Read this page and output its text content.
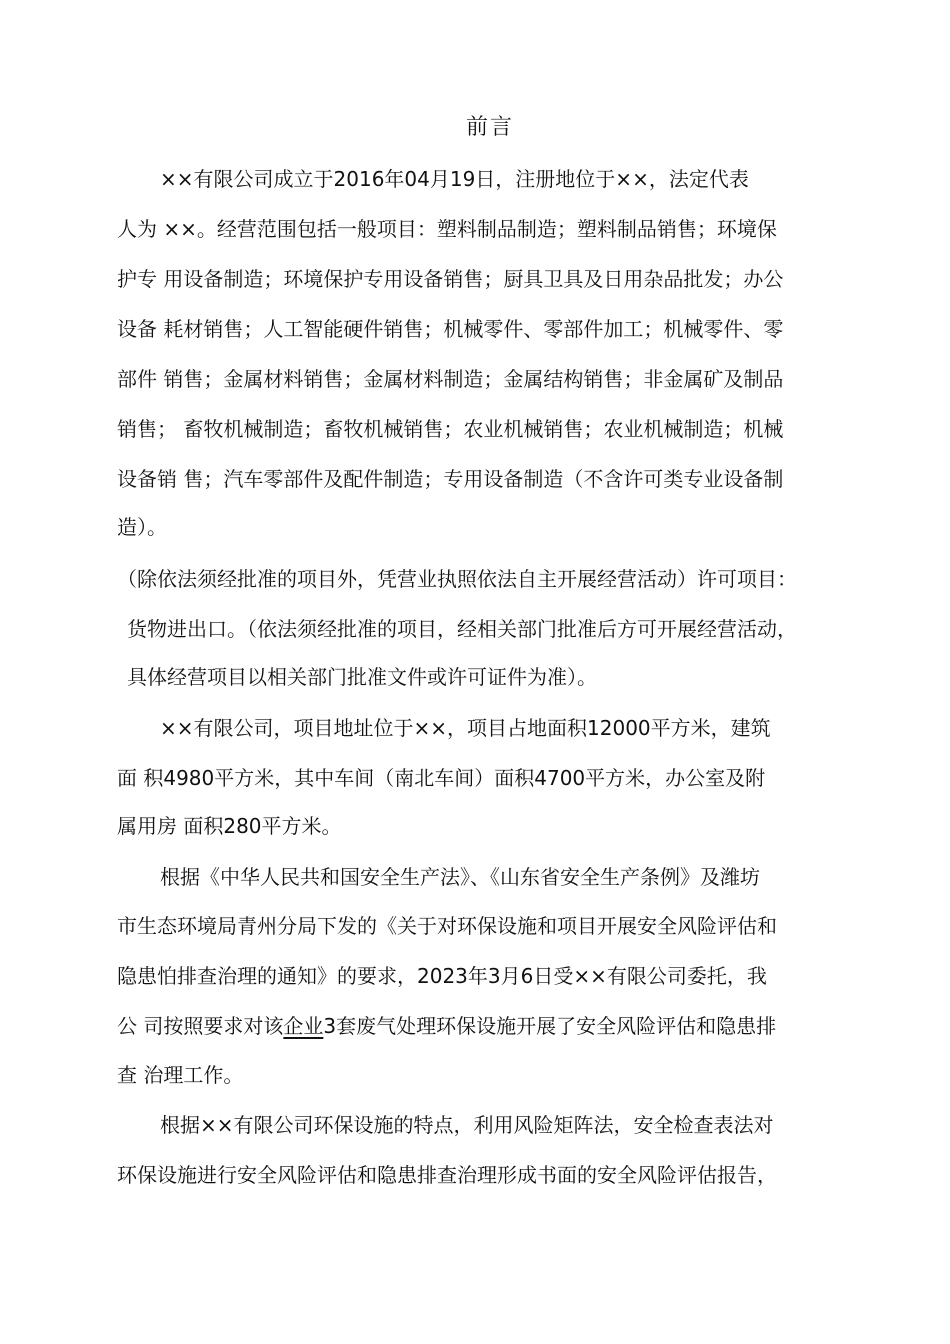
前言
××有限公司成立于2016年04月19日，注册地位于××，法定代表
人为 ××。经营范围包括一般项目：塑料制品制造；塑料制品销售；环境保
护专 用设备制造；环境保护专用设备销售；厨具卫具及日用杂品批发；办公
设备 耗材销售；人工智能硬件销售；机械零件、零部件加工；机械零件、零
部件 销售；金属材料销售；金属材料制造；金属结构销售；非金属矿及制品
销售； 畜牧机械制造；畜牧机械销售；农业机械销售；农业机械制造；机械
设备销 售；汽车零部件及配件制造；专用设备制造（不含许可类专业设备制
造）。
（除依法须经批准的项目外，凭营业执照依法自主开展经营活动）许可项目：
货物进出口。（依法须经批准的项目，经相关部门批准后方可开展经营活动，
具体经营项目以相关部门批准文件或许可证件为准）。
××有限公司，项目地址位于××，项目占地面积12000平方米，建筑
面 积4980平方米，其中车间（南北车间）面积4700平方米，办公室及附
属用房 面积280平方米。
根据《中华人民共和国安全生产法》、《山东省安全生产条例》及潍坊
市生态环境局青州分局下发的《关于对环保设施和项目开展安全风险评估和
隐患怕排查治理的通知》的要求，2023年3月6日受××有限公司委托，我
公 司按照要求对该企业3套废气处理环保设施开展了安全风险评估和隐患排
查 治理工作。
根据××有限公司环保设施的特点，利用风险矩阵法，安全检查表法对
环保设施进行安全风险评估和隐患排查治理形成书面的安全风险评估报告，
